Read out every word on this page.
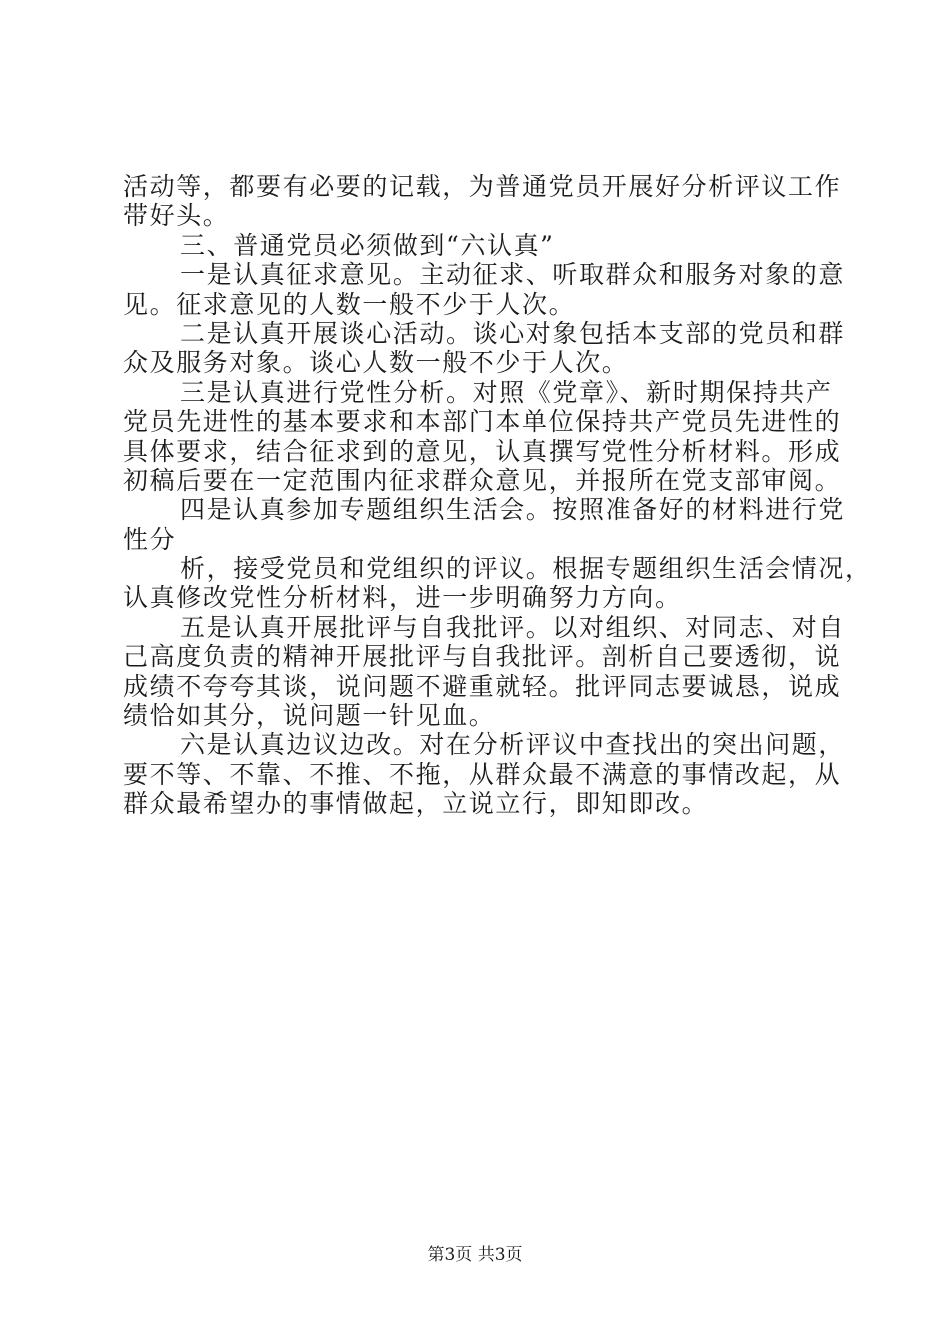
活动等，都要有必要的记载，为普通党员开展好分析评议工作
带好头。
三、普通党员必须做到“六认真”
一是认真征求意见。主动征求、听取群众和服务对象的意
见。征求意见的人数一般不少于人次。
二是认真开展谈心活动。谈心对象包括本支部的党员和群
众及服务对象。谈心人数一般不少于人次。
三是认真进行党性分析。对照《党章》、新时期保持共产
党员先进性的基本要求和本部门本单位保持共产党员先进性的
具体要求，结合征求到的意见，认真撰写党性分析材料。形成
初稿后要在一定范围内征求群众意见，并报所在党支部审阅。
四是认真参加专题组织生活会。按照准备好的材料进行党
性分
析，接受党员和党组织的评议。根据专题组织生活会情况，
认真修改党性分析材料，进一步明确努力方向。
五是认真开展批评与自我批评。以对组织、对同志、对自
己高度负责的精神开展批评与自我批评。剖析自己要透彻，说
成绩不夸夸其谈，说问题不避重就轻。批评同志要诚恳，说成
绩恰如其分，说问题一针见血。
六是认真边议边改。对在分析评议中查找出的突出问题，
要不等、不靠、不推、不拖，从群众最不满意的事情改起，从
群众最希望办的事情做起，立说立行，即知即改。
第3页 共3页
